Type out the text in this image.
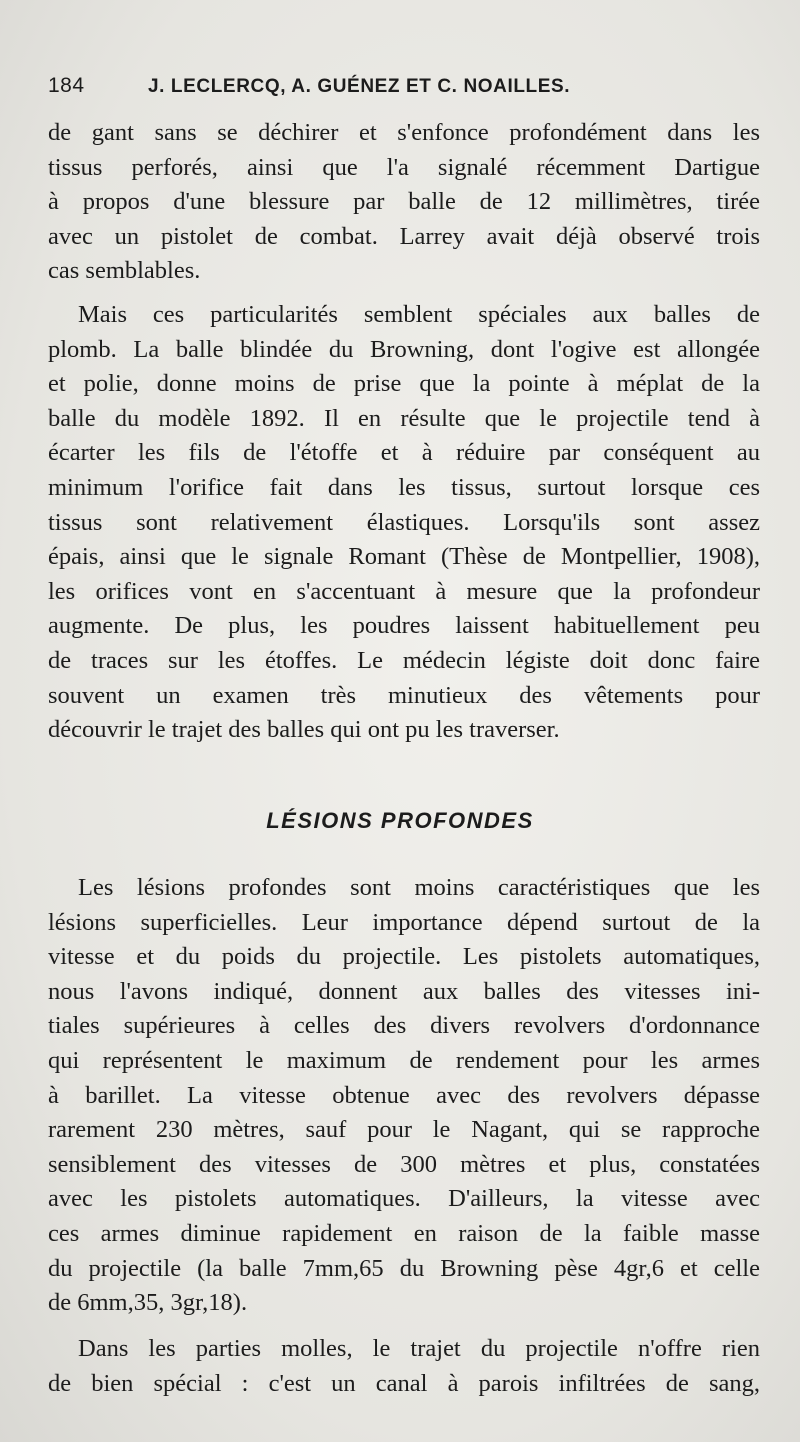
184	J. LECLERCQ, A. GUÉNEZ ET C. NOAILLES.
de gant sans se déchirer et s'enfonce profondément dans les
tissus perforés, ainsi que l'a signalé récemment Dartigue
à propos d'une blessure par balle de 12 millimètres, tirée
avec un pistolet de combat. Larrey avait déjà observé trois
cas semblables.
Mais ces particularités semblent spéciales aux balles de
plomb. La balle blindée du Browning, dont l'ogive est allongée
et polie, donne moins de prise que la pointe à méplat de la
balle du modèle 1892. Il en résulte que le projectile tend à
écarter les fils de l'étoffe et à réduire par conséquent au
minimum l'orifice fait dans les tissus, surtout lorsque ces
tissus sont relativement élastiques. Lorsqu'ils sont assez
épais, ainsi que le signale Romant (Thèse de Montpellier, 1908),
les orifices vont en s'accentuant à mesure que la profondeur
augmente. De plus, les poudres laissent habituellement peu
de traces sur les étoffes. Le médecin légiste doit donc faire
souvent un examen très minutieux des vêtements pour
découvrir le trajet des balles qui ont pu les traverser.
LÉSIONS PROFONDES
Les lésions profondes sont moins caractéristiques que les
lésions superficielles. Leur importance dépend surtout de la
vitesse et du poids du projectile. Les pistolets automatiques,
nous l'avons indiqué, donnent aux balles des vitesses ini-
tiales supérieures à celles des divers revolvers d'ordonnance
qui représentent le maximum de rendement pour les armes
à barillet. La vitesse obtenue avec des revolvers dépasse
rarement 230 mètres, sauf pour le Nagant, qui se rapproche
sensiblement des vitesses de 300 mètres et plus, constatées
avec les pistolets automatiques. D'ailleurs, la vitesse avec
ces armes diminue rapidement en raison de la faible masse
du projectile (la balle 7mm,65 du Browning pèse 4gr,6 et celle
de 6mm,35, 3gr,18).
Dans les parties molles, le trajet du projectile n'offre rien
de bien spécial : c'est un canal à parois infiltrées de sang,
